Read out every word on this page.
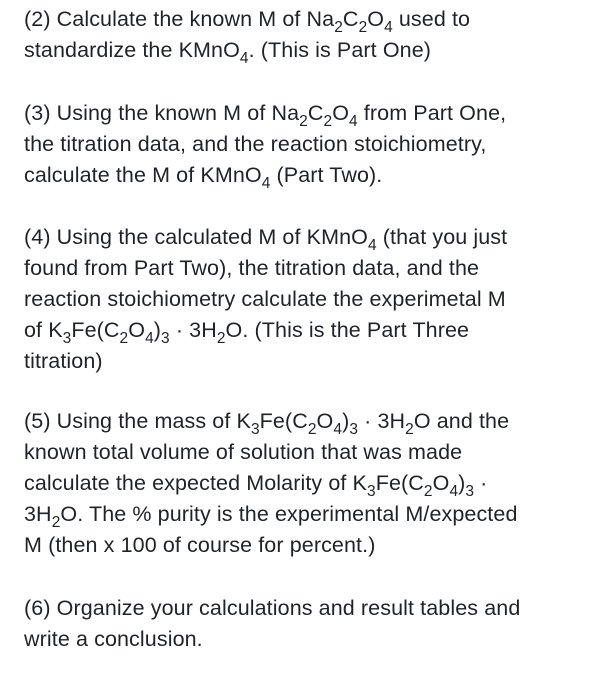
(2) Calculate the known M of $Na_2C_2O_4$ used to
standardize the KMnO$_4$. (This is Part One)
(3) Using the known M of $Na_2C_2O_4$ from Part One,
the titration data, and the reaction stoichiometry,
calculate the M of KMnO$_4$ (Part Two).
(4) Using the calculated M of KMnO$_4$ (that you just
found from Part Two), the titration data, and the
reaction stoichiometry calculate the experimetal M
of $K_3Fe(C_2O_4)_3 \cdot 3H_2O$. (This is the Part Three
titration)
(5) Using the mass of $K_3Fe(C_2O_4)_3 \cdot 3H_2O$ and the
known total volume of solution that was made
calculate the expected Molarity of $K_3Fe(C_2O_4)_3$ ·
$3H_2O$. The % purity is the experimental M/expected
M (then x 100 of course for percent.)
(6) Organize your calculations and result tables and
write a conclusion.
